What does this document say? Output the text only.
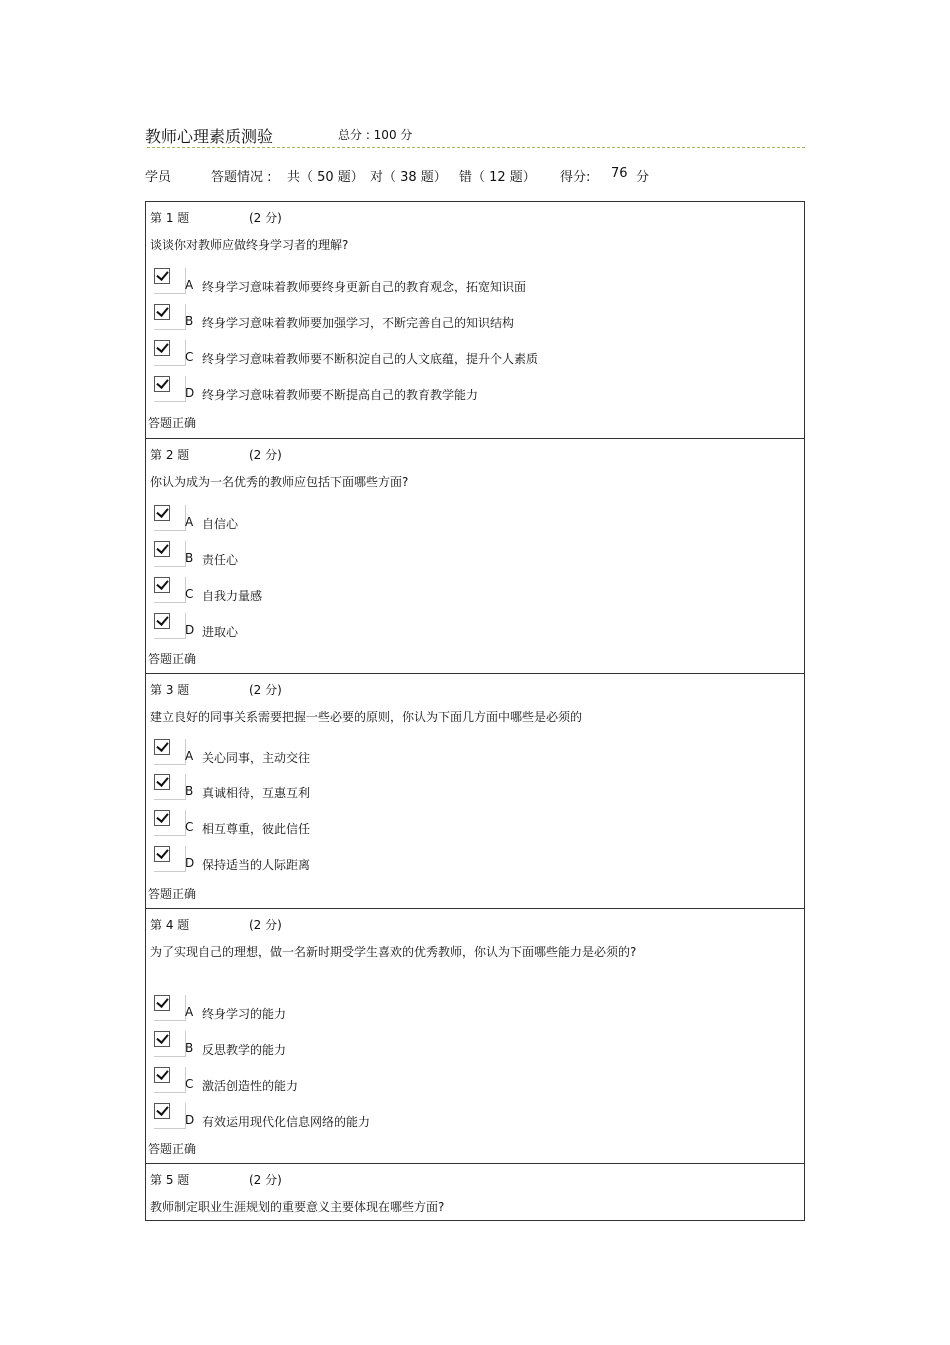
教师心理素质测验	总分 : 100 分
学员	答题情况 : 共（ 50 题） 对（ 38 题） 错（ 12 题） 得分: 76 分
第 1 题	(2 分)
谈谈你对教师应做终身学习者的理解?
A 终身学习意味着教师要终身更新自己的教育观念，拓宽知识面
B 终身学习意味着教师要加强学习，不断完善自己的知识结构
C 终身学习意味着教师要不断积淀自己的人文底蕴，提升个人素质
D 终身学习意味着教师要不断提高自己的教育教学能力
答题正确
第 2 题	(2 分)
你认为成为一名优秀的教师应包括下面哪些方面?
A 自信心
B 责任心
C 自我力量感
D 进取心
答题正确
第 3 题	(2 分)
建立良好的同事关系需要把握一些必要的原则，你认为下面几方面中哪些是必须的
A 关心同事，主动交往
B 真诚相待，互惠互利
C 相互尊重，彼此信任
D 保持适当的人际距离
答题正确
第 4 题	(2 分)
为了实现自己的理想，做一名新时期受学生喜欢的优秀教师，你认为下面哪些能力是必须的?
A 终身学习的能力
B 反思教学的能力
C 激活创造性的能力
D 有效运用现代化信息网络的能力
答题正确
第 5 题	(2 分)
教师制定职业生涯规划的重要意义主要体现在哪些方面?
